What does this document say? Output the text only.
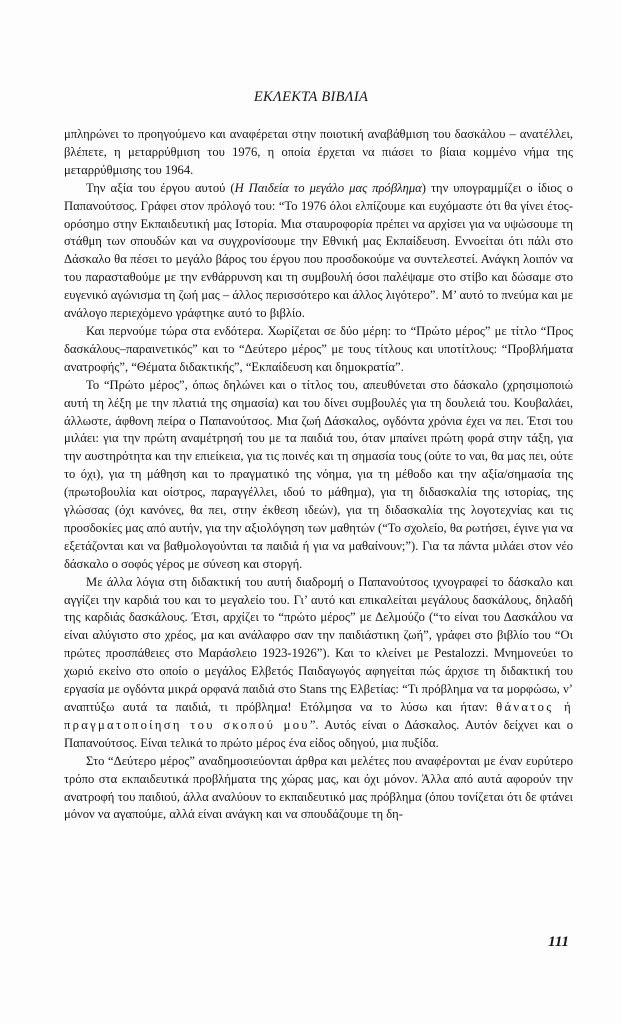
ΕΚΛΕΚΤΑ ΒΙΒΛΙΑ

μπληρώνει το προηγούμενο και αναφέρεται στην ποιοτική αναβάθμιση του δασκάλου – ανατέλλει, βλέπετε, η μεταρρύθμιση του 1976, η οποία έρχεται να πιάσει το βίαια κομμένο νήμα της μεταρρύθμισης του 1964.

Την αξία του έργου αυτού (Η Παιδεία το μεγάλο μας πρόβλημα) την υπογραμμίζει ο ίδιος ο Παπανούτσος. Γράφει στον πρόλογό του: “Το 1976 όλοι ελπίζουμε και ευχόμαστε ότι θα γίνει έτος-ορόσημο στην Εκπαιδευτική μας Ιστορία. Μια σταυροφορία πρέπει να αρχίσει για να υψώσουμε τη στάθμη των σπουδών και να συγχρονίσουμε την Εθνική μας Εκπαίδευση. Εννοείται ότι πάλι στο Δάσκαλο θα πέσει το μεγάλο βάρος του έργου που προσδοκούμε να συντελεστεί. Ανάγκη λοιπόν να του παρασταθούμε με την ενθάρρυνση και τη συμβουλή όσοι παλέψαμε στο στίβο και δώσαμε στο ευγενικό αγώνισμα τη ζωή μας – άλλος περισσότερο και άλλος λιγότερο”. Μ’ αυτό το πνεύμα και με ανάλογο περιεχόμενο γράφτηκε αυτό το βιβλίο.

Και περνούμε τώρα στα ενδότερα. Χωρίζεται σε δύο μέρη: το “Πρώτο μέρος” με τίτλο “Προς δασκάλους–παραινετικός” και το “Δεύτερο μέρος” με τους τίτλους και υποτίτλους: “Προβλήματα ανατροφής”, “Θέματα διδακτικής”, “Εκπαίδευση και δημοκρατία”.

Το “Πρώτο μέρος”, όπως δηλώνει και ο τίτλος του, απευθύνεται στο δάσκαλο (χρησιμοποιώ αυτή τη λέξη με την πλατιά της σημασία) και του δίνει συμβουλές για τη δουλειά του. Κουβαλάει, άλλωστε, άφθονη πείρα ο Παπανούτσος. Μια ζωή Δάσκαλος, ογδόντα χρόνια έχει να πει. Έτσι του μιλάει: για την πρώτη αναμέτρησή του με τα παιδιά του, όταν μπαίνει πρώτη φορά στην τάξη, για την αυστηρότητα και την επιείκεια, για τις ποινές και τη σημασία τους (ούτε το ναι, θα μας πει, ούτε το όχι), για τη μάθηση και το πραγματικό της νόημα, για τη μέθοδο και την αξία/σημασία της (πρωτοβουλία και οίστρος, παραγγέλλει, ιδού το μάθημα), για τη διδασκαλία της ιστορίας, της γλώσσας (όχι κανόνες, θα πει, στην έκθεση ιδεών), για τη διδασκαλία της λογοτεχνίας και τις προσδοκίες μας από αυτήν, για την αξιολόγηση των μαθητών (“Το σχολείο, θα ρωτήσει, έγινε για να εξετάζονται και να βαθμολογούνται τα παιδιά ή για να μαθαίνουν;”). Για τα πάντα μιλάει στον νέο δάσκαλο ο σοφός γέρος με σύνεση και στοργή.

Με άλλα λόγια στη διδακτική του αυτή διαδρομή ο Παπανούτσος ιχνογραφεί το δάσκαλο και αγγίζει την καρδιά του και το μεγαλείο του. Γι’ αυτό και επικαλείται μεγάλους δασκάλους, δηλαδή της καρδιάς δασκάλους. Έτσι, αρχίζει το “πρώτο μέρος” με Δελμούζο (“το είναι του Δασκάλου να είναι αλύγιστο στο χρέος, μα και ανάλαφρο σαν την παιδιάστικη ζωή”, γράφει στο βιβλίο του “Οι πρώτες προσπάθειες στο Μαράσλειο 1923-1926”). Και το κλείνει με Pestalozzi. Μνημονεύει το χωριό εκείνο στο οποίο ο μεγάλος Ελβετός Παιδαγωγός αφηγείται πώς άρχισε τη διδακτική του εργασία με ογδόντα μικρά ορφανά παιδιά στο Stans της Ελβετίας: “Τι πρόβλημα να τα μορφώσω, ν’ αναπτύξω αυτά τα παιδιά, τι πρόβλημα! Ετόλμησα να το λύσω και ήταν: θάνατος ή πραγματοποίηση του σκοπού μου”. Αυτός είναι ο Δάσκαλος. Αυτόν δείχνει και ο Παπανούτσος. Είναι τελικά το πρώτο μέρος ένα είδος οδηγού, μια πυξίδα.

Στο “Δεύτερο μέρος” αναδημοσιεύονται άρθρα και μελέτες που αναφέρονται με έναν ευρύτερο τρόπο στα εκπαιδευτικά προβλήματα της χώρας μας, και όχι μόνον. Άλλα από αυτά αφορούν την ανατροφή του παιδιού, άλλα αναλύουν το εκπαιδευτικό μας πρόβλημα (όπου τονίζεται ότι δε φτάνει μόνον να αγαπούμε, αλλά είναι ανάγκη και να σπουδάζουμε τη δη-

111
